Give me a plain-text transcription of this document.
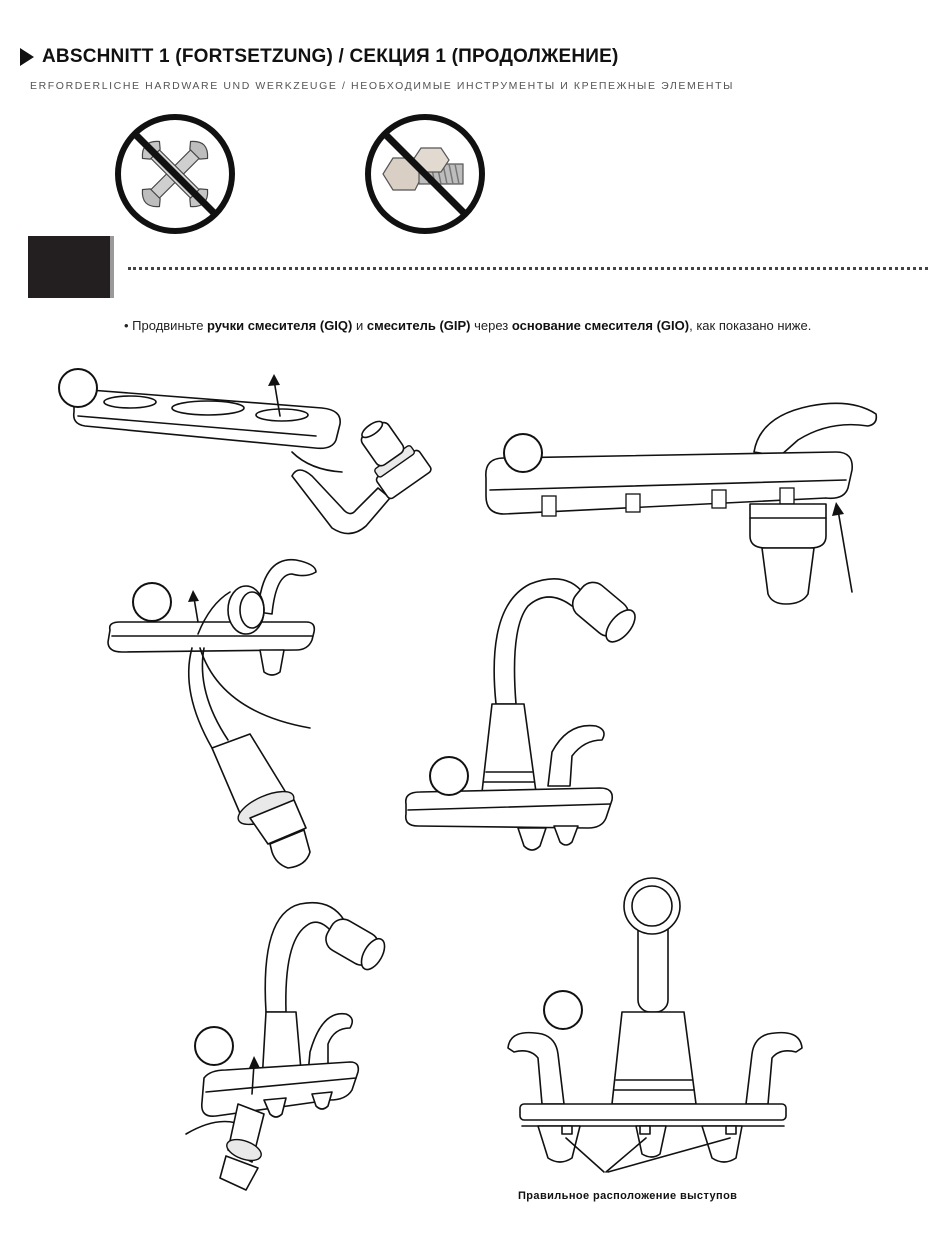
ABSCHNITT 1 (FORTSETZUNG) / СЕКЦИЯ 1 (ПРОДОЛЖЕНИЕ)
ERFORDERLICHE HARDWARE UND WERKZEUGE / НЕОБХОДИМЫЕ ИНСТРУМЕНТЫ И КРЕПЕЖНЫЕ ЭЛЕМЕНТЫ
• Продвиньте ручки смесителя (GIQ) и смеситель (GIP) через основание смесителя (GIO), как показано ниже.
Правильное расположение выступов
